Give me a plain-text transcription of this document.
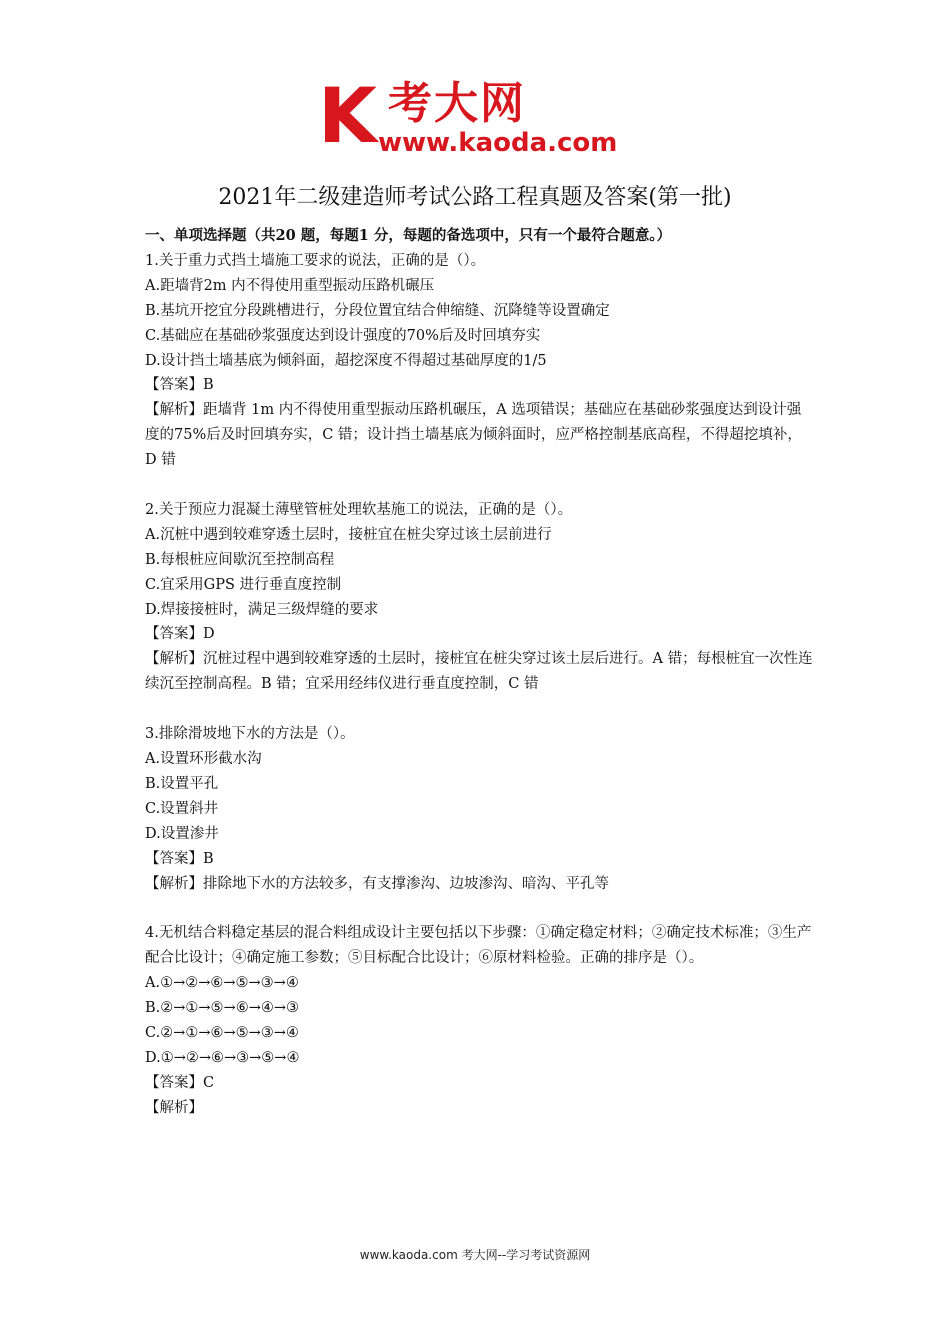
K 考大网
www.kaoda.com
2021年二级建造师考试公路工程真题及答案(第一批)

一、单项选择题（共20 题，每题1 分，每题的备选项中，只有一个最符合题意。）

1.关于重力式挡土墙施工要求的说法，正确的是（）。

A.距墙背2m 内不得使用重型振动压路机碾压

B.基坑开挖宜分段跳槽进行，分段位置宜结合伸缩缝、沉降缝等设置确定

C.基础应在基础砂浆强度达到设计强度的70%后及时回填夯实

D.设计挡土墙基底为倾斜面，超挖深度不得超过基础厚度的1/5

【答案】B

【解析】距墙背 1m 内不得使用重型振动压路机碾压，A 选项错误；基础应在基础砂浆强度达到设计强度的75%后及时回填夯实，C 错；设计挡土墙基底为倾斜面时，应严格控制基底高程，不得超挖填补， D 错

2.关于预应力混凝土薄壁管桩处理软基施工的说法，正确的是（）。

A.沉桩中遇到较难穿透土层时，接桩宜在桩尖穿过该土层前进行

B.每根桩应间歇沉至控制高程

C.宜采用GPS 进行垂直度控制

D.焊接接桩时，满足三级焊缝的要求

【答案】D

【解析】沉桩过程中遇到较难穿透的土层时，接桩宜在桩尖穿过该土层后进行。A 错；每根桩宜一次性连续沉至控制高程。B 错；宜采用经纬仪进行垂直度控制，C 错

3.排除滑坡地下水的方法是（）。

A.设置环形截水沟

B.设置平孔

C.设置斜井

D.设置渗井

【答案】B

【解析】排除地下水的方法较多，有支撑渗沟、边坡渗沟、暗沟、平孔等

4.无机结合料稳定基层的混合料组成设计主要包括以下步骤：①确定稳定材料；②确定技术标准；③生产配合比设计；④确定施工参数；⑤目标配合比设计；⑥原材料检验。正确的排序是（）。

A.①→②→⑥→⑤→③→④

B.②→①→⑤→⑥→④→③

C.②→①→⑥→⑤→③→④

D.①→②→⑥→③→⑤→④

【答案】C

【解析】

www.kaoda.com 考大网--学习考试资源网
